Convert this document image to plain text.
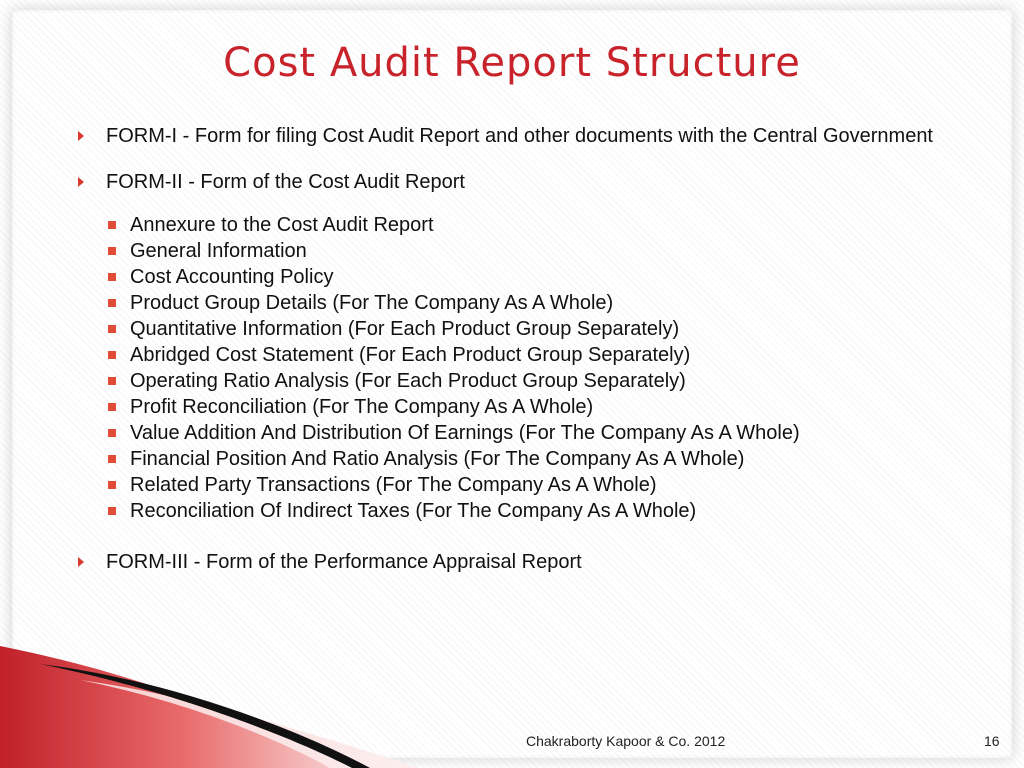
Cost Audit Report Structure
FORM-I - Form for filing Cost Audit Report and other documents with the Central Government
FORM-II - Form of the Cost Audit Report
Annexure to the Cost Audit Report
General Information
Cost Accounting Policy
Product Group Details (For The Company As A Whole)
Quantitative Information (For Each Product Group Separately)
Abridged Cost Statement (For Each Product Group Separately)
Operating Ratio Analysis (For Each Product Group Separately)
Profit Reconciliation (For The Company As A Whole)
Value Addition And Distribution Of Earnings (For The Company As A Whole)
Financial Position And Ratio Analysis (For The Company As A Whole)
Related Party Transactions (For The Company As A Whole)
Reconciliation Of Indirect Taxes (For The Company As A Whole)
FORM-III - Form of the Performance Appraisal Report
Chakraborty Kapoor & Co. 2012	16
